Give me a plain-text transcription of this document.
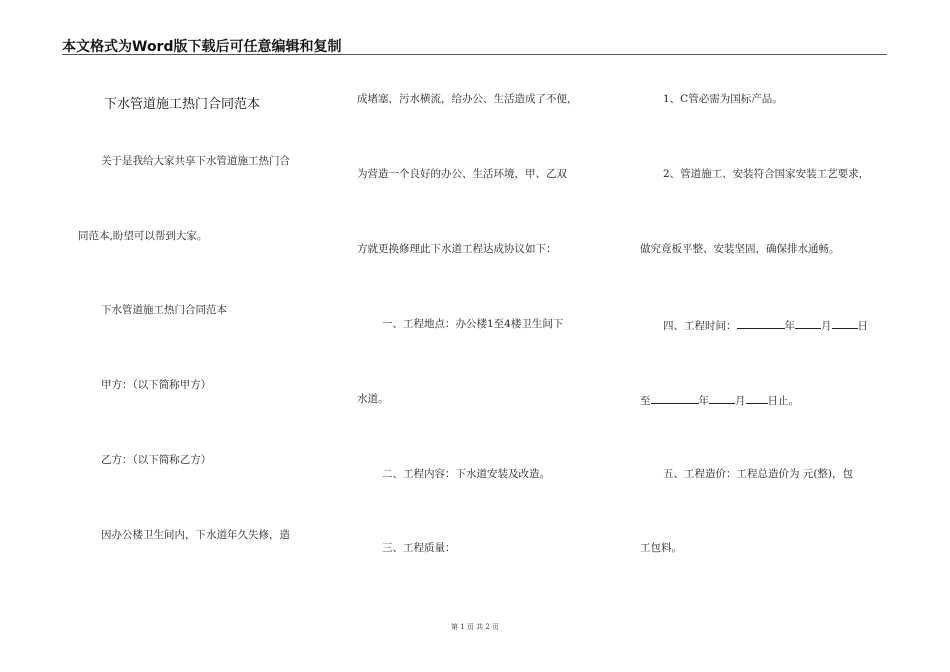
本文格式为Word版下载后可任意编辑和复制
下水管道施工热门合同范本
关于是我给大家共享下水管道施工热门合
同范本,盼望可以帮到大家。
下水管道施工热门合同范本
甲方：（以下简称甲方）
乙方：（以下简称乙方）
因办公楼卫生间内，下水道年久失修，造
成堵塞，污水横流，给办公、生活造成了不便，
为营造一个良好的办公、生活环境，甲、乙双
方就更换修理此下水道工程达成协议如下：
一、工程地点：办公楼1至4楼卫生间下
水道。
二、工程内容：下水道安装及改造。
三、工程质量：
1、C管必需为国标产品。
2、管道施工、安装符合国家安装工艺要求，
做究竟板平整、安装坚固，确保排水通畅。
四、工程时间：	年 月 日
至	年 月 日止。
五、工程造价：工程总造价为 元(整)，包
工包料。
第 1 页 共 2 页
